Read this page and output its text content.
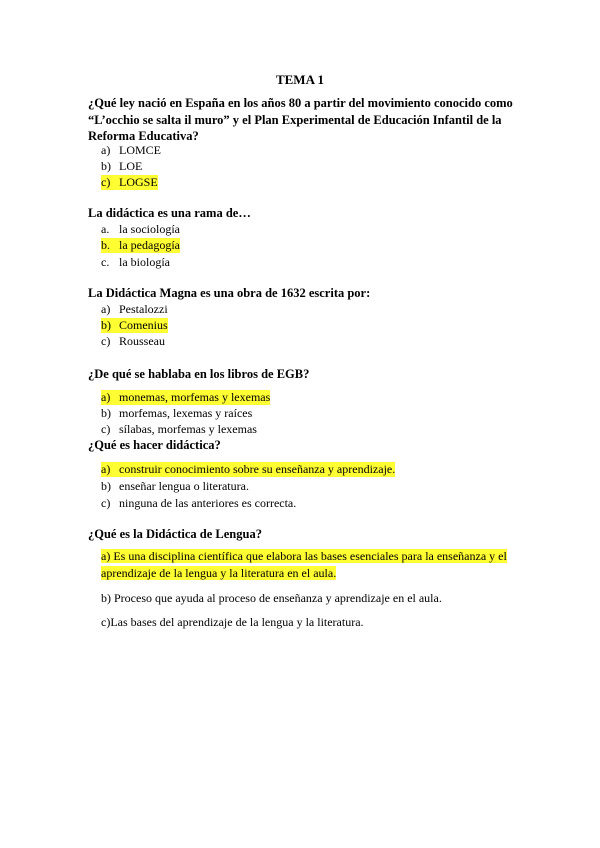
TEMA 1
¿Qué ley nació en España en los años 80 a partir del movimiento conocido como “L’occhio se salta il muro” y el Plan Experimental de Educación Infantil de la Reforma Educativa?
a) LOMCE
b) LOE
c) LOGSE
La didáctica es una rama de…
a. la sociología
b. la pedagogía
c. la biología
La Didáctica Magna es una obra de 1632 escrita por:
a) Pestalozzi
b) Comenius
c) Rousseau
¿De qué se hablaba en los libros de EGB?
a) monemas, morfemas y lexemas
b) morfemas, lexemas y raíces
c) sílabas, morfemas y lexemas
¿Qué es hacer didáctica?
a) construir conocimiento sobre su enseñanza y aprendizaje.
b) enseñar lengua o literatura.
c) ninguna de las anteriores es correcta.
¿Qué es la Didáctica de Lengua?
a) Es una disciplina científica que elabora las bases esenciales para la enseñanza y el aprendizaje de la lengua y la literatura en el aula.
b) Proceso que ayuda al proceso de enseñanza y aprendizaje en el aula.
c)Las bases del aprendizaje de la lengua y la literatura.
